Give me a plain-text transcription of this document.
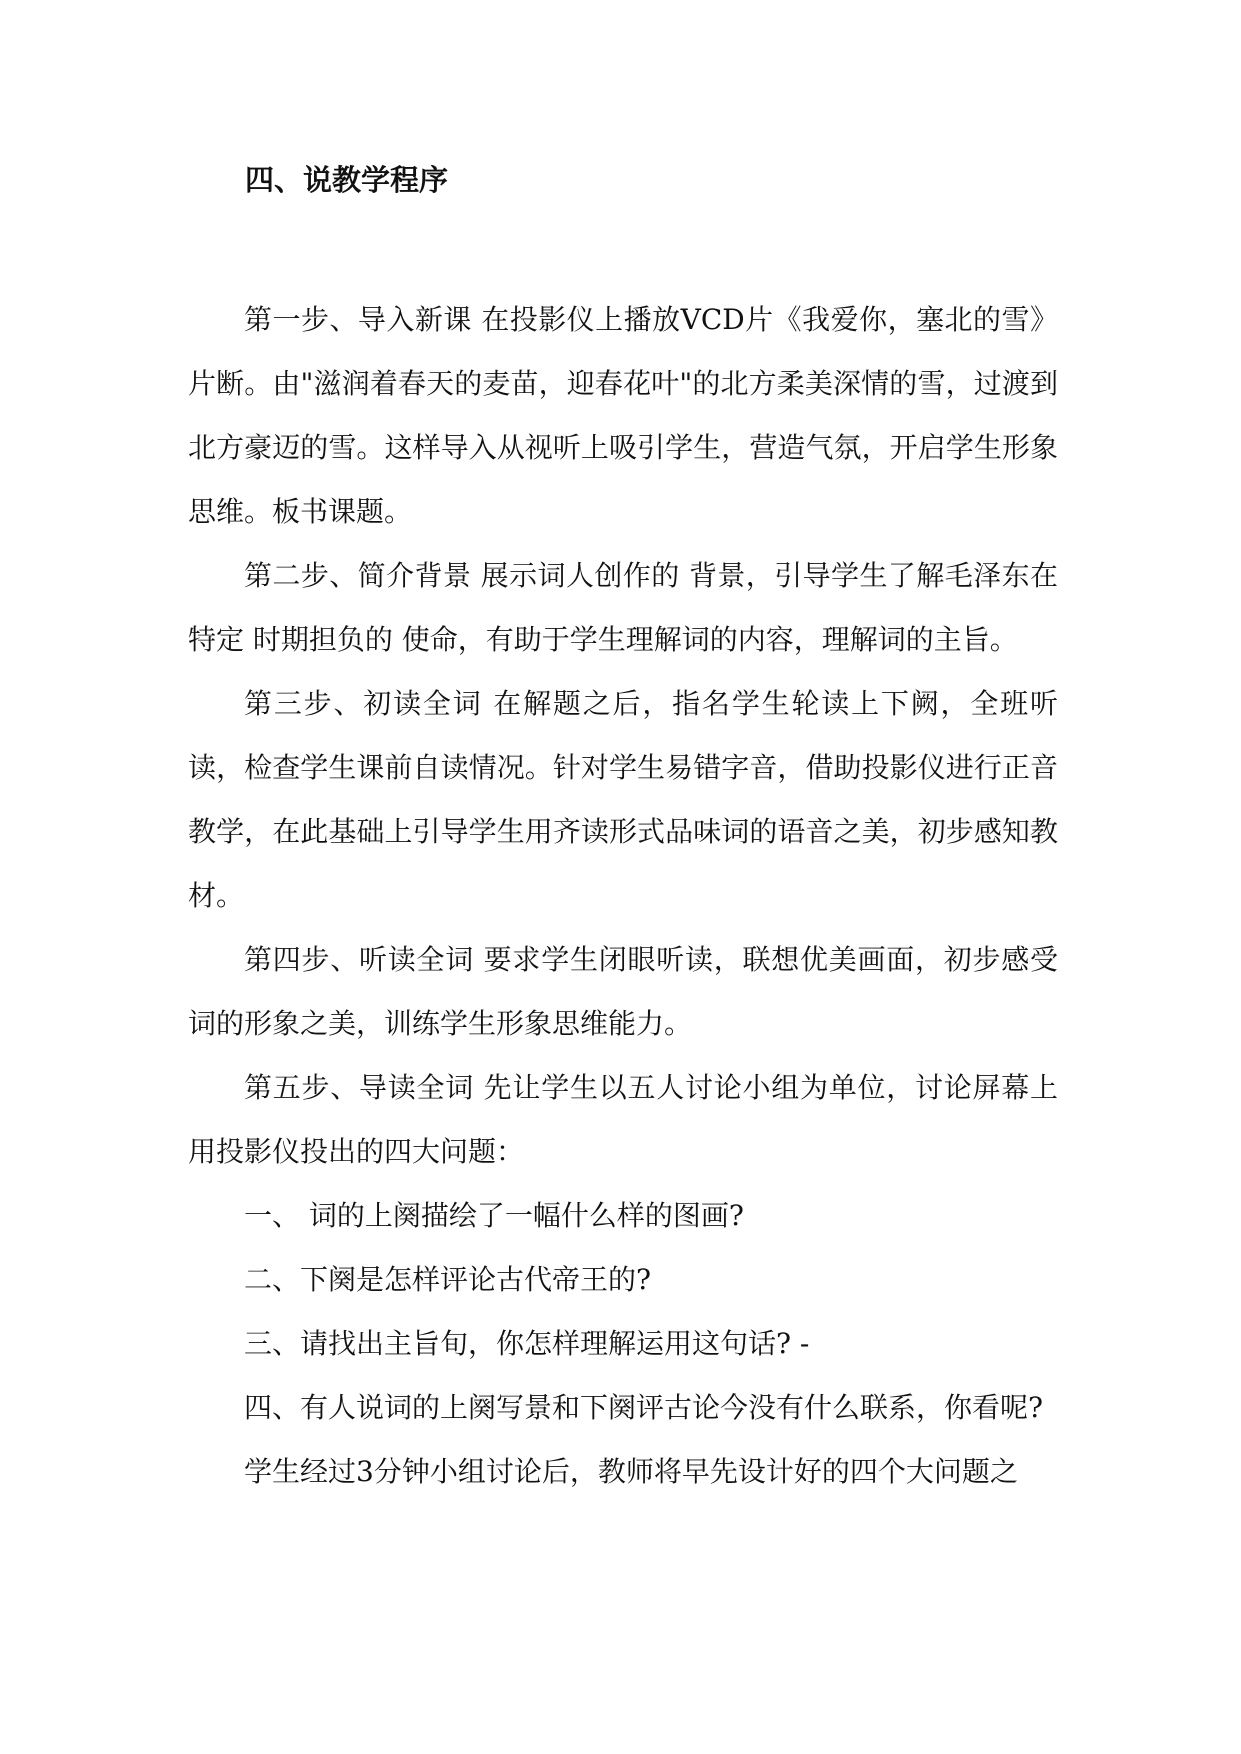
四、说教学程序

第一步、导入新课 在投影仪上播放VCD片《我爱你，塞北的雪》片断。由"滋润着春天的麦苗，迎春花叶"的北方柔美深情的雪，过渡到北方豪迈的雪。这样导入从视听上吸引学生，营造气氛，开启学生形象思维。板书课题。

第二步、简介背景 展示词人创作的 背景，引导学生了解毛泽东在特定 时期担负的 使命，有助于学生理解词的内容，理解词的主旨。

第三步、初读全词 在解题之后，指名学生轮读上下阙，全班听读，检查学生课前自读情况。针对学生易错字音，借助投影仪进行正音教学，在此基础上引导学生用齐读形式品味词的语音之美，初步感知教材。

第四步、听读全词 要求学生闭眼听读，联想优美画面，初步感受词的形象之美，训练学生形象思维能力。

第五步、导读全词 先让学生以五人讨论小组为单位，讨论屏幕上用投影仪投出的四大问题：

一、 词的上阕描绘了一幅什么样的图画?

二、下阕是怎样评论古代帝王的?

三、请找出主旨旬，你怎样理解运用这句话? -

四、有人说词的上阕写景和下阕评古论今没有什么联系，你看呢?

学生经过3分钟小组讨论后，教师将早先设计好的四个大问题之
